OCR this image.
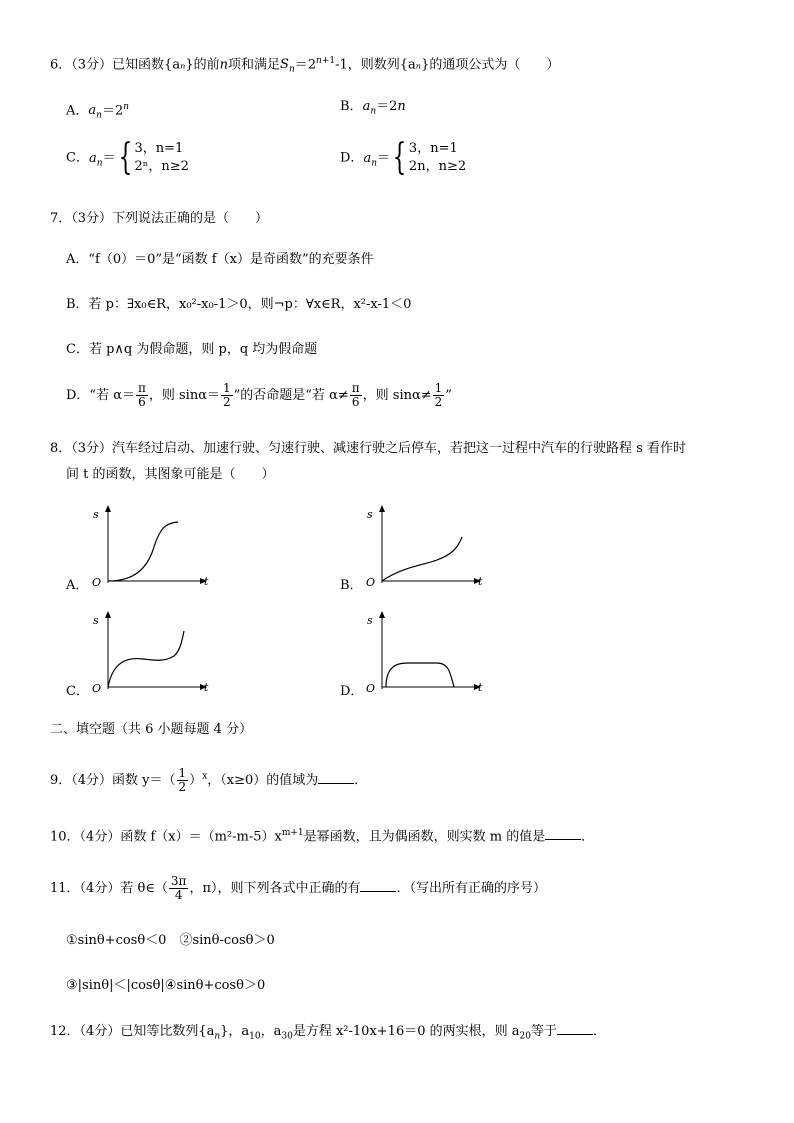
6．（3分）已知函数{aₙ}的前n项和满足$S_n=2^{n+1}-1$，则数列{aₙ}的通项公式为（　　）
A．$a_n=2^n$	B．$a_n=2n$
C．$a_n=${ 3，n=1
2ⁿ，n≥2
D．$a_n=${ 3，n=1
2n，n≥2
7．（3分）下列说法正确的是（　　）
A．“f（0）＝0”是“函数 f（x）是奇函数”的充要条件
B．若 p：∃x₀∈R，x₀²-x₀-1＞0，则¬p：∀x∈R，x²-x-1＜0
C．若 p∧q 为假命题，则 p，q 均为假命题
D．“若 $\alpha= \frac{\pi}{6}$ ，则 $\sin\alpha= \frac{1}{2}$ ”的否命题是“若 $\alpha\ne \frac{\pi}{6}$ ，则 $\sin\alpha\ne \frac{1}{2}$ ”
8．（3分）汽车经过启动、加速行驶、匀速行驶、减速行驶之后停车，若把这一过程中汽车的行驶路程 s 看作时
间 t 的函数，其图象可能是（　　）
A．
s
t
O	B．
s
t
O
C．
s
t
O	D．
s
t
O
二、填空题（共 6 小题每题 4 分）
9．（4分）函数 $y=( \frac{1}{2} )^x$，（x≥0）的值域为	．
10．（4分）函数 $f(x)=(m^2-m-5)x^{m+1}$是幂函数，且为偶函数，则实数 m 的值是	．
11．（4分）若 θ∈（ $\frac{3\pi}{4}$ ，π），则下列各式中正确的有	．（写出所有正确的序号）
①sinθ+cosθ＜0　②sinθ-cosθ＞0
③|sinθ|＜|cosθ|④sinθ+cosθ＞0
12．（4分）已知等比数列$\{a_n\}$，$a_{10}$，$a_{30}$是方程 x²-10x+16＝0 的两实根，则 $a_{20}$等于	．
